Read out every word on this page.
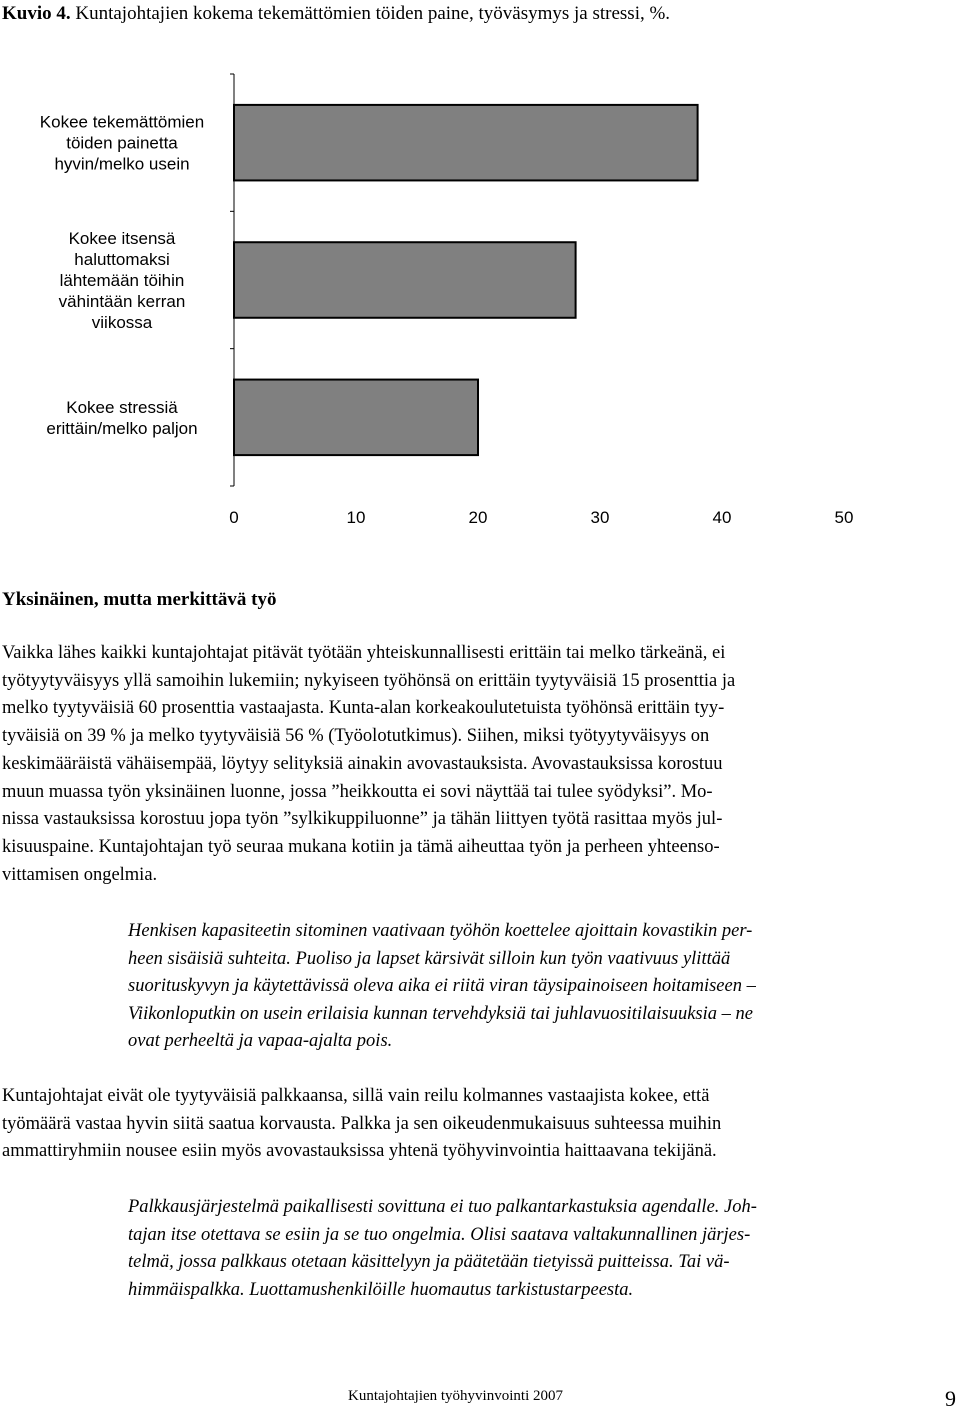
Kuvio 4. Kuntajohtajien kokema tekemättömien töiden paine, työväsymys ja stressi, %.
Kokee tekemättömien
töiden painetta
hyvin/melko usein
Kokee itsensä
haluttomaksi
lähtemään töihin
vähintään kerran
viikossa
Kokee stressiä
erittäin/melko paljon
0	10	20	30	40	50
Yksinäinen, mutta merkittävä työ
Vaikka lähes kaikki kuntajohtajat pitävät työtään yhteiskunnallisesti erittäin tai melko tärkeänä, ei
työtyytyväisyys yllä samoihin lukemiin; nykyiseen työhönsä on erittäin tyytyväisiä 15 prosenttia ja
melko tyytyväisiä 60 prosenttia vastaajasta. Kunta-alan korkeakoulutetuista työhönsä erittäin tyy-
tyväisiä on 39 % ja melko tyytyväisiä 56 % (Työolotutkimus). Siihen, miksi työtyytyväisyys on
keskimääräistä vähäisempää, löytyy selityksiä ainakin avovastauksista. Avovastauksissa korostuu
muun muassa työn yksinäinen luonne, jossa ”heikkoutta ei sovi näyttää tai tulee syödyksi”. Mo-
nissa vastauksissa korostuu jopa työn ”sylkikuppiluonne” ja tähän liittyen työtä rasittaa myös jul-
kisuuspaine. Kuntajohtajan työ seuraa mukana kotiin ja tämä aiheuttaa työn ja perheen yhteenso-
vittamisen ongelmia.
Henkisen kapasiteetin sitominen vaativaan työhön koettelee ajoittain kovastikin per-
heen sisäisiä suhteita. Puoliso ja lapset kärsivät silloin kun työn vaativuus ylittää
suorituskyvyn ja käytettävissä oleva aika ei riitä viran täysipainoiseen hoitamiseen –
Viikonloputkin on usein erilaisia kunnan tervehdyksiä tai juhlavuositilaisuuksia – ne
ovat perheeltä ja vapaa-ajalta pois.
Kuntajohtajat eivät ole tyytyväisiä palkkaansa, sillä vain reilu kolmannes vastaajista kokee, että
työmäärä vastaa hyvin siitä saatua korvausta. Palkka ja sen oikeudenmukaisuus suhteessa muihin
ammattiryhmiin nousee esiin myös avovastauksissa yhtenä työhyvinvointia haittaavana tekijänä.
Palkkausjärjestelmä paikallisesti sovittuna ei tuo palkantarkastuksia agendalle. Joh-
tajan itse otettava se esiin ja se tuo ongelmia. Olisi saatava valtakunnallinen järjes-
telmä, jossa palkkaus otetaan käsittelyyn ja päätetään tietyissä puitteissa. Tai vä-
himmäispalkka. Luottamushenkilöille huomautus tarkistustarpeesta.
Kuntajohtajien työhyvinvointi 2007	9
